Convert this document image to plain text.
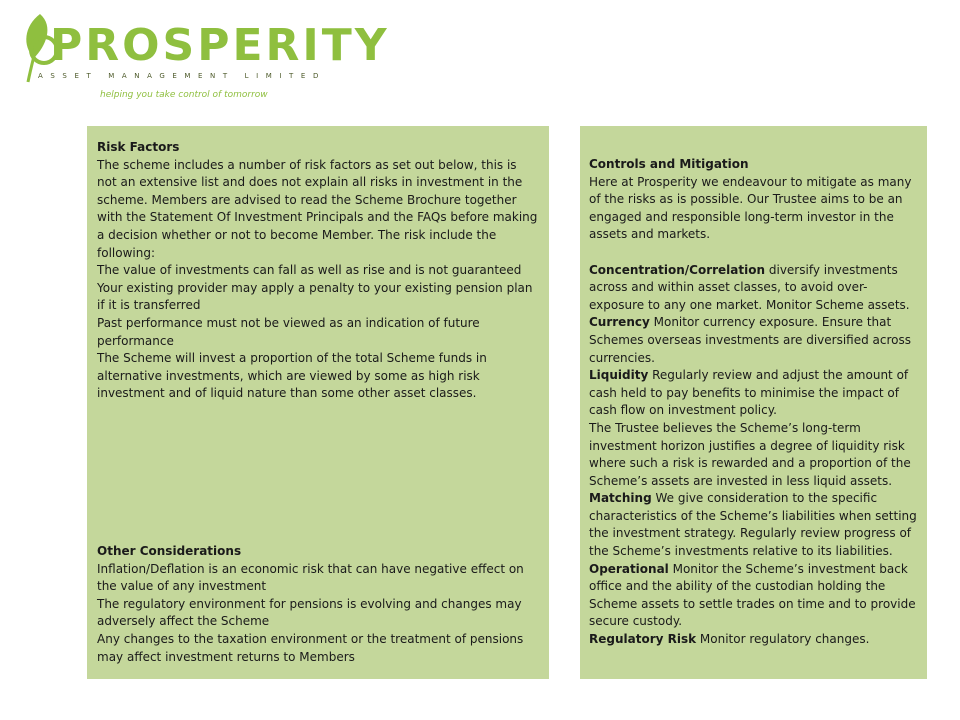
PROSPERITY
ASSET MANAGEMENT LIMITED
helping you take control of tomorrow

Risk Factors

The scheme includes a number of risk factors as set out below, this is not an extensive list and does not explain all risks in investment in the scheme. Members are advised to read the Scheme Brochure together with the Statement Of Investment Principals and the FAQs before making a decision whether or not to become Member. The risk include the following:

The value of investments can fall as well as rise and is not guaranteed

Your existing provider may apply a penalty to your existing pension plan if it is transferred

Past performance must not be viewed as an indication of future performance

The Scheme will invest a proportion of the total Scheme funds in alternative investments, which are viewed by some as high risk investment and of liquid nature than some other asset classes.

Other Considerations

Inflation/Deflation is an economic risk that can have negative effect on the value of any investment

The regulatory environment for pensions is evolving and changes may adversely affect the Scheme

Any changes to the taxation environment or the treatment of pensions may affect investment returns to Members

Controls and Mitigation

Here at Prosperity we endeavour to mitigate as many of the risks as is possible. Our Trustee aims to be an engaged and responsible long-term investor in the assets and markets.

Concentration/Correlation diversify investments across and within asset classes, to avoid over-exposure to any one market. Monitor Scheme assets.

Currency Monitor currency exposure. Ensure that Schemes overseas investments are diversified across currencies.

Liquidity Regularly review and adjust the amount of cash held to pay benefits to minimise the impact of cash flow on investment policy.

The Trustee believes the Scheme’s long-term investment horizon justifies a degree of liquidity risk where such a risk is rewarded and a proportion of the Scheme’s assets are invested in less liquid assets.

Matching We give consideration to the specific characteristics of the Scheme’s liabilities when setting the investment strategy. Regularly review progress of the Scheme’s investments relative to its liabilities.

Operational Monitor the Scheme’s investment back office and the ability of the custodian holding the Scheme assets to settle trades on time and to provide secure custody.

Regulatory Risk Monitor regulatory changes.
